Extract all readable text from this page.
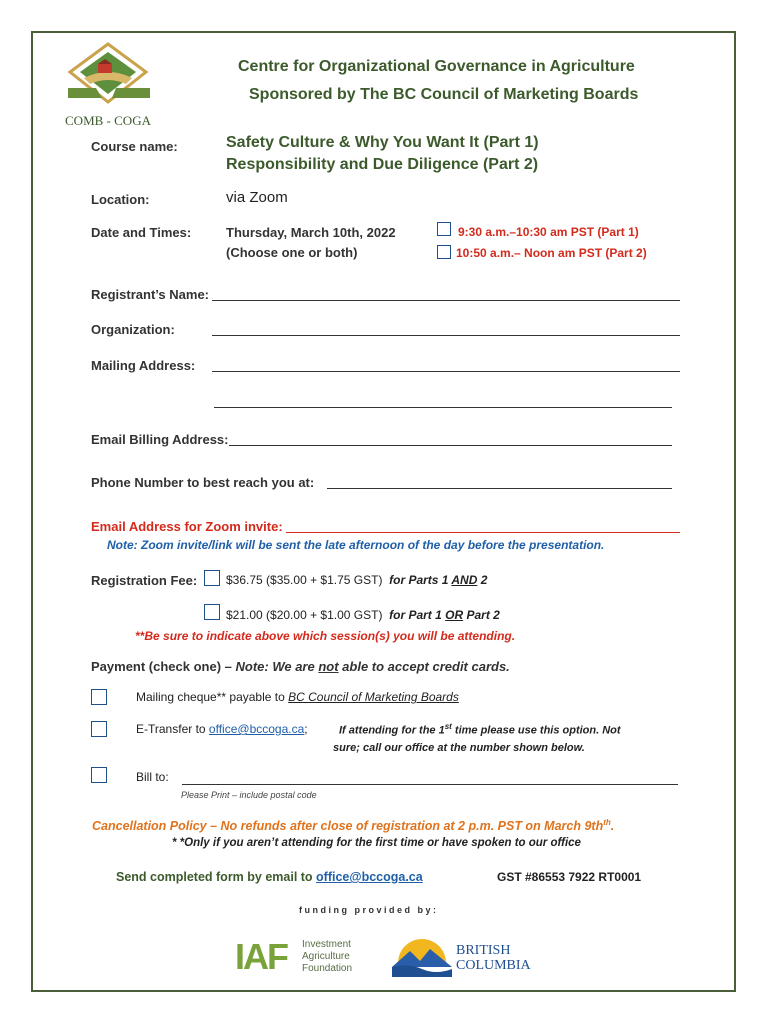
COMB - COGA
Centre for Organizational Governance in Agriculture
Sponsored by The BC Council of Marketing Boards
Course name:	Safety Culture & Why You Want It (Part 1)
Responsibility and Due Diligence (Part 2)
Location:	via Zoom
Date and Times:	Thursday, March 10th, 2022
(Choose one or both)
9:30 a.m.–10:30 am PST (Part 1)
10:50 a.m.– Noon am PST (Part 2)
Registrant’s Name:
Organization:
Mailing Address:
Email Billing Address:
Phone Number to best reach you at:
Email Address for Zoom invite:
Note: Zoom invite/link will be sent the late afternoon of the day before the presentation.
Registration Fee: $36.75 ($35.00 + $1.75 GST) for Parts 1 AND 2
$21.00 ($20.00 + $1.00 GST) for Part 1 OR Part 2
**Be sure to indicate above which session(s) you will be attending.
Payment (check one) – Note: We are not able to accept credit cards.
Mailing cheque** payable to BC Council of Marketing Boards
E-Transfer to office@bccoga.ca;	If attending for the 1st time please use this option. Not
sure; call our office at the number shown below.
Bill to:
Please Print – include postal code
Cancellation Policy – No refunds after close of registration at 2 p.m. PST on March $9th^{th}$.
* *Only if you aren’t attending for the first time or have spoken to our office
Send completed form by email to office@bccoga.ca	GST #86553 7922 RT0001
f u n d i n g   p r o v i d e d   b y :
IAF Investment
Agriculture
Foundation
BRITISH
COLUMBIA
